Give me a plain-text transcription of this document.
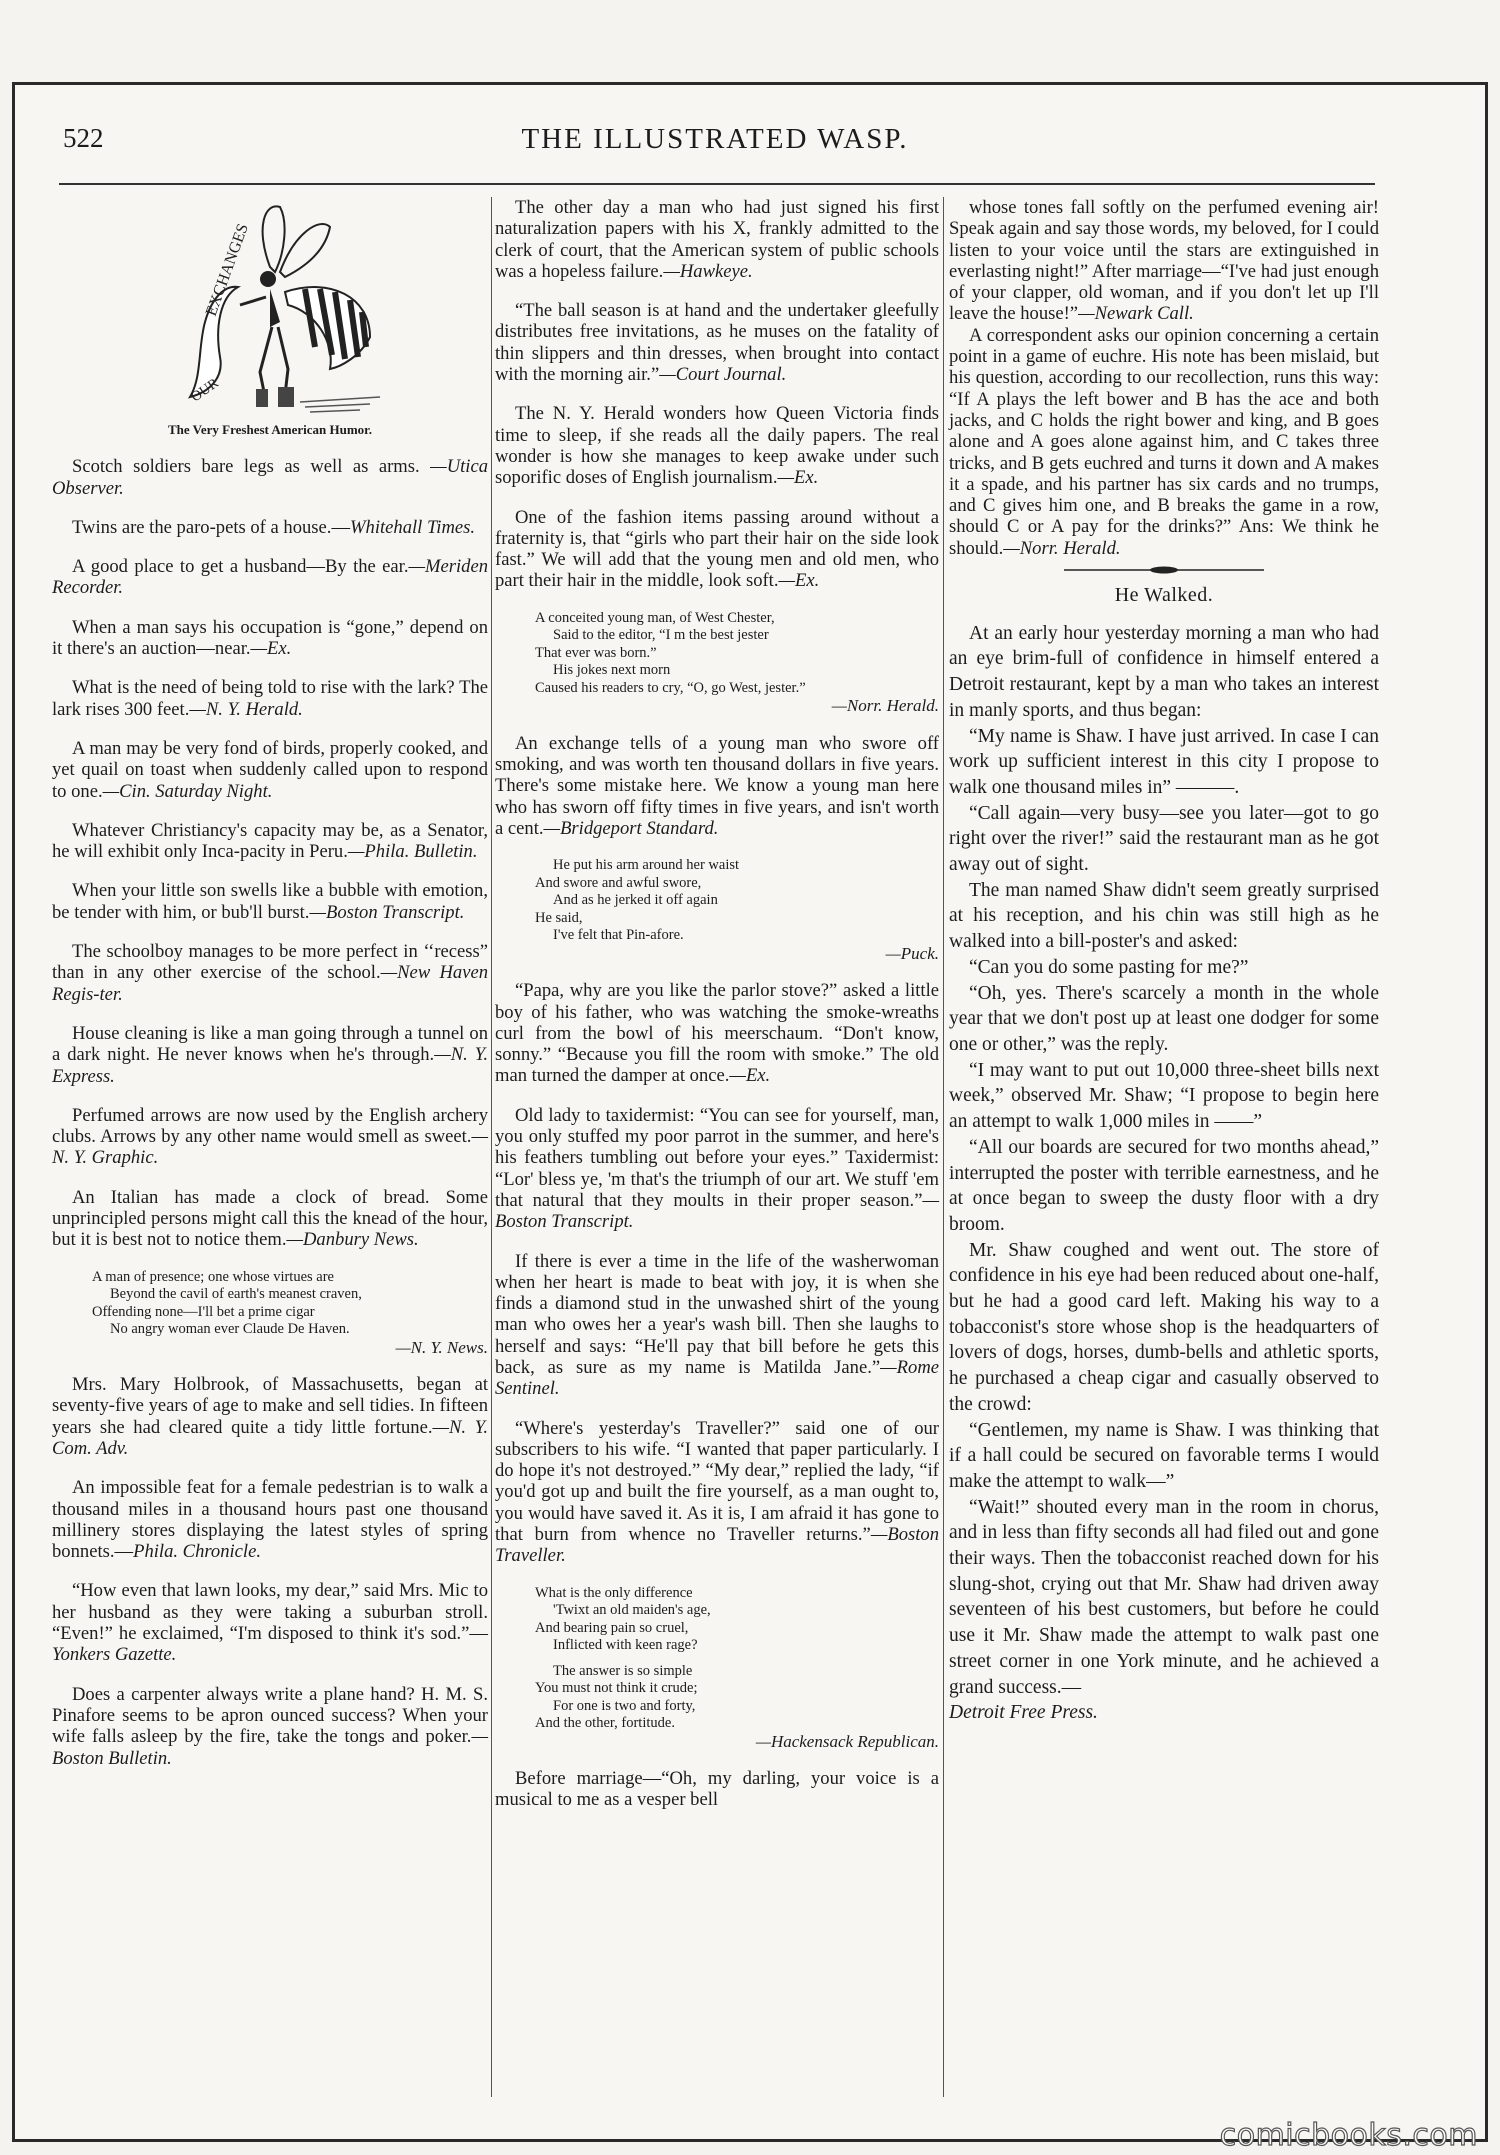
522	THE ILLUSTRATED WASP.
EXCHANGES
OUR
The Very Freshest American Humor.

Scotch soldiers bare legs as well as arms. —Utica Observer.

Twins are the paro-pets of a house.—Whitehall Times.

A good place to get a husband—By the ear.—Meriden Recorder.

When a man says his occupation is “gone,” depend on it there's an auction—near.—Ex.

What is the need of being told to rise with the lark? The lark rises 300 feet.—N. Y. Herald.

A man may be very fond of birds, properly cooked, and yet quail on toast when suddenly called upon to respond to one.—Cin. Saturday Night.

Whatever Christiancy's capacity may be, as a Senator, he will exhibit only Inca-pacity in Peru.—Phila. Bulletin.

When your little son swells like a bubble with emotion, be tender with him, or bub'll burst.—Boston Transcript.

The schoolboy manages to be more perfect in ‘‘recess” than in any other exercise of the school.—New Haven Regis-ter.

House cleaning is like a man going through a tunnel on a dark night. He never knows when he's through.—N. Y. Express.

Perfumed arrows are now used by the English archery clubs. Arrows by any other name would smell as sweet.—N. Y. Graphic.

An Italian has made a clock of bread. Some unprincipled persons might call this the knead of the hour, but it is best not to notice them.—Danbury News.

A man of presence; one whose virtues are
Beyond the cavil of earth's meanest craven,
Offending none—I'll bet a prime cigar
No angry woman ever Claude De Haven.
—N. Y. News.

Mrs. Mary Holbrook, of Massachusetts, began at seventy-five years of age to make and sell tidies. In fifteen years she had cleared quite a tidy little fortune.—N. Y. Com. Adv.

An impossible feat for a female pedestrian is to walk a thousand miles in a thousand hours past one thousand millinery stores displaying the latest styles of spring bonnets.—Phila. Chronicle.

“How even that lawn looks, my dear,” said Mrs. Mic to her husband as they were taking a suburban stroll. “Even!” he exclaimed, “I'm disposed to think it's sod.”—Yonkers Gazette.

Does a carpenter always write a plane hand? H. M. S. Pinafore seems to be apron ounced success? When your wife falls asleep by the fire, take the tongs and poker.—Boston Bulletin.

The other day a man who had just signed his first naturalization papers with his X, frankly admitted to the clerk of court, that the American system of public schools was a hopeless failure.—Hawkeye.

“The ball season is at hand and the undertaker gleefully distributes free invitations, as he muses on the fatality of thin slippers and thin dresses, when brought into contact with the morning air.”—Court Journal.

The N. Y. Herald wonders how Queen Victoria finds time to sleep, if she reads all the daily papers. The real wonder is how she manages to keep awake under such soporific doses of English journalism.—Ex.

One of the fashion items passing around without a fraternity is, that “girls who part their hair on the side look fast.” We will add that the young men and old men, who part their hair in the middle, look soft.—Ex.

A conceited young man, of West Chester,
Said to the editor, “I m the best jester
That ever was born.”
His jokes next morn
Caused his readers to cry, “O, go West, jester.”
—Norr. Herald.

An exchange tells of a young man who swore off smoking, and was worth ten thousand dollars in five years. There's some mistake here. We know a young man here who has sworn off fifty times in five years, and isn't worth a cent.—Bridgeport Standard.

He put his arm around her waist
And swore and awful swore,
And as he jerked it off again
He said,
I've felt that Pin-afore.
—Puck.

“Papa, why are you like the parlor stove?” asked a little boy of his father, who was watching the smoke-wreaths curl from the bowl of his meerschaum. “Don't know, sonny.” “Because you fill the room with smoke.” The old man turned the damper at once.—Ex.

Old lady to taxidermist: “You can see for yourself, man, you only stuffed my poor parrot in the summer, and here's his feathers tumbling out before your eyes.” Taxidermist: “Lor' bless ye, 'm that's the triumph of our art. We stuff 'em that natural that they moults in their proper season.”—Boston Transcript.

If there is ever a time in the life of the washerwoman when her heart is made to beat with joy, it is when she finds a diamond stud in the unwashed shirt of the young man who owes her a year's wash bill. Then she laughs to herself and says: “He'll pay that bill before he gets this back, as sure as my name is Matilda Jane.”—Rome Sentinel.

“Where's yesterday's Traveller?” said one of our subscribers to his wife. “I wanted that paper particularly. I do hope it's not destroyed.” “My dear,” replied the lady, “if you'd got up and built the fire yourself, as a man ought to, you would have saved it. As it is, I am afraid it has gone to that burn from whence no Traveller returns.”—Boston Traveller.

What is the only difference
'Twixt an old maiden's age,
And bearing pain so cruel,
Inflicted with keen rage?
The answer is so simple
You must not think it crude;
For one is two and forty,
And the other, fortitude.
—Hackensack Republican.

Before marriage—“Oh, my darling, your voice is a musical to me as a vesper bell

whose tones fall softly on the perfumed evening air! Speak again and say those words, my beloved, for I could listen to your voice until the stars are extinguished in everlasting night!” After marriage—“I've had just enough of your clapper, old woman, and if you don't let up I'll leave the house!”—Newark Call.

A correspondent asks our opinion concerning a certain point in a game of euchre. His note has been mislaid, but his question, according to our recollection, runs this way: “If A plays the left bower and B has the ace and both jacks, and C holds the right bower and king, and B goes alone and A goes alone against him, and C takes three tricks, and B gets euchred and turns it down and A makes it a spade, and his partner has six cards and no trumps, and C gives him one, and B breaks the game in a row, should C or A pay for the drinks?” Ans: We think he should.—Norr. Herald.

He Walked.

At an early hour yesterday morning a man who had an eye brim-full of confidence in himself entered a Detroit restaurant, kept by a man who takes an interest in manly sports, and thus began:

“My name is Shaw. I have just arrived. In case I can work up sufficient interest in this city I propose to walk one thousand miles in” ———.

“Call again—very busy—see you later—got to go right over the river!” said the restaurant man as he got away out of sight.

The man named Shaw didn't seem greatly surprised at his reception, and his chin was still high as he walked into a bill-poster's and asked:

“Can you do some pasting for me?”

“Oh, yes. There's scarcely a month in the whole year that we don't post up at least one dodger for some one or other,” was the reply.

“I may want to put out 10,000 three-sheet bills next week,” observed Mr. Shaw; “I propose to begin here an attempt to walk 1,000 miles in ——”

“All our boards are secured for two months ahead,” interrupted the poster with terrible earnestness, and he at once began to sweep the dusty floor with a dry broom.

Mr. Shaw coughed and went out. The store of confidence in his eye had been reduced about one-half, but he had a good card left. Making his way to a tobacconist's store whose shop is the headquarters of lovers of dogs, horses, dumb-bells and athletic sports, he purchased a cheap cigar and casually observed to the crowd:

“Gentlemen, my name is Shaw. I was thinking that if a hall could be secured on favorable terms I would make the attempt to walk—”

“Wait!” shouted every man in the room in chorus, and in less than fifty seconds all had filed out and gone their ways. Then the tobacconist reached down for his slung-shot, crying out that Mr. Shaw had driven away seventeen of his best customers, but before he could use it Mr. Shaw made the attempt to walk past one street corner in one York minute, and he achieved a grand success.—

Detroit Free Press.
comicbooks.com
